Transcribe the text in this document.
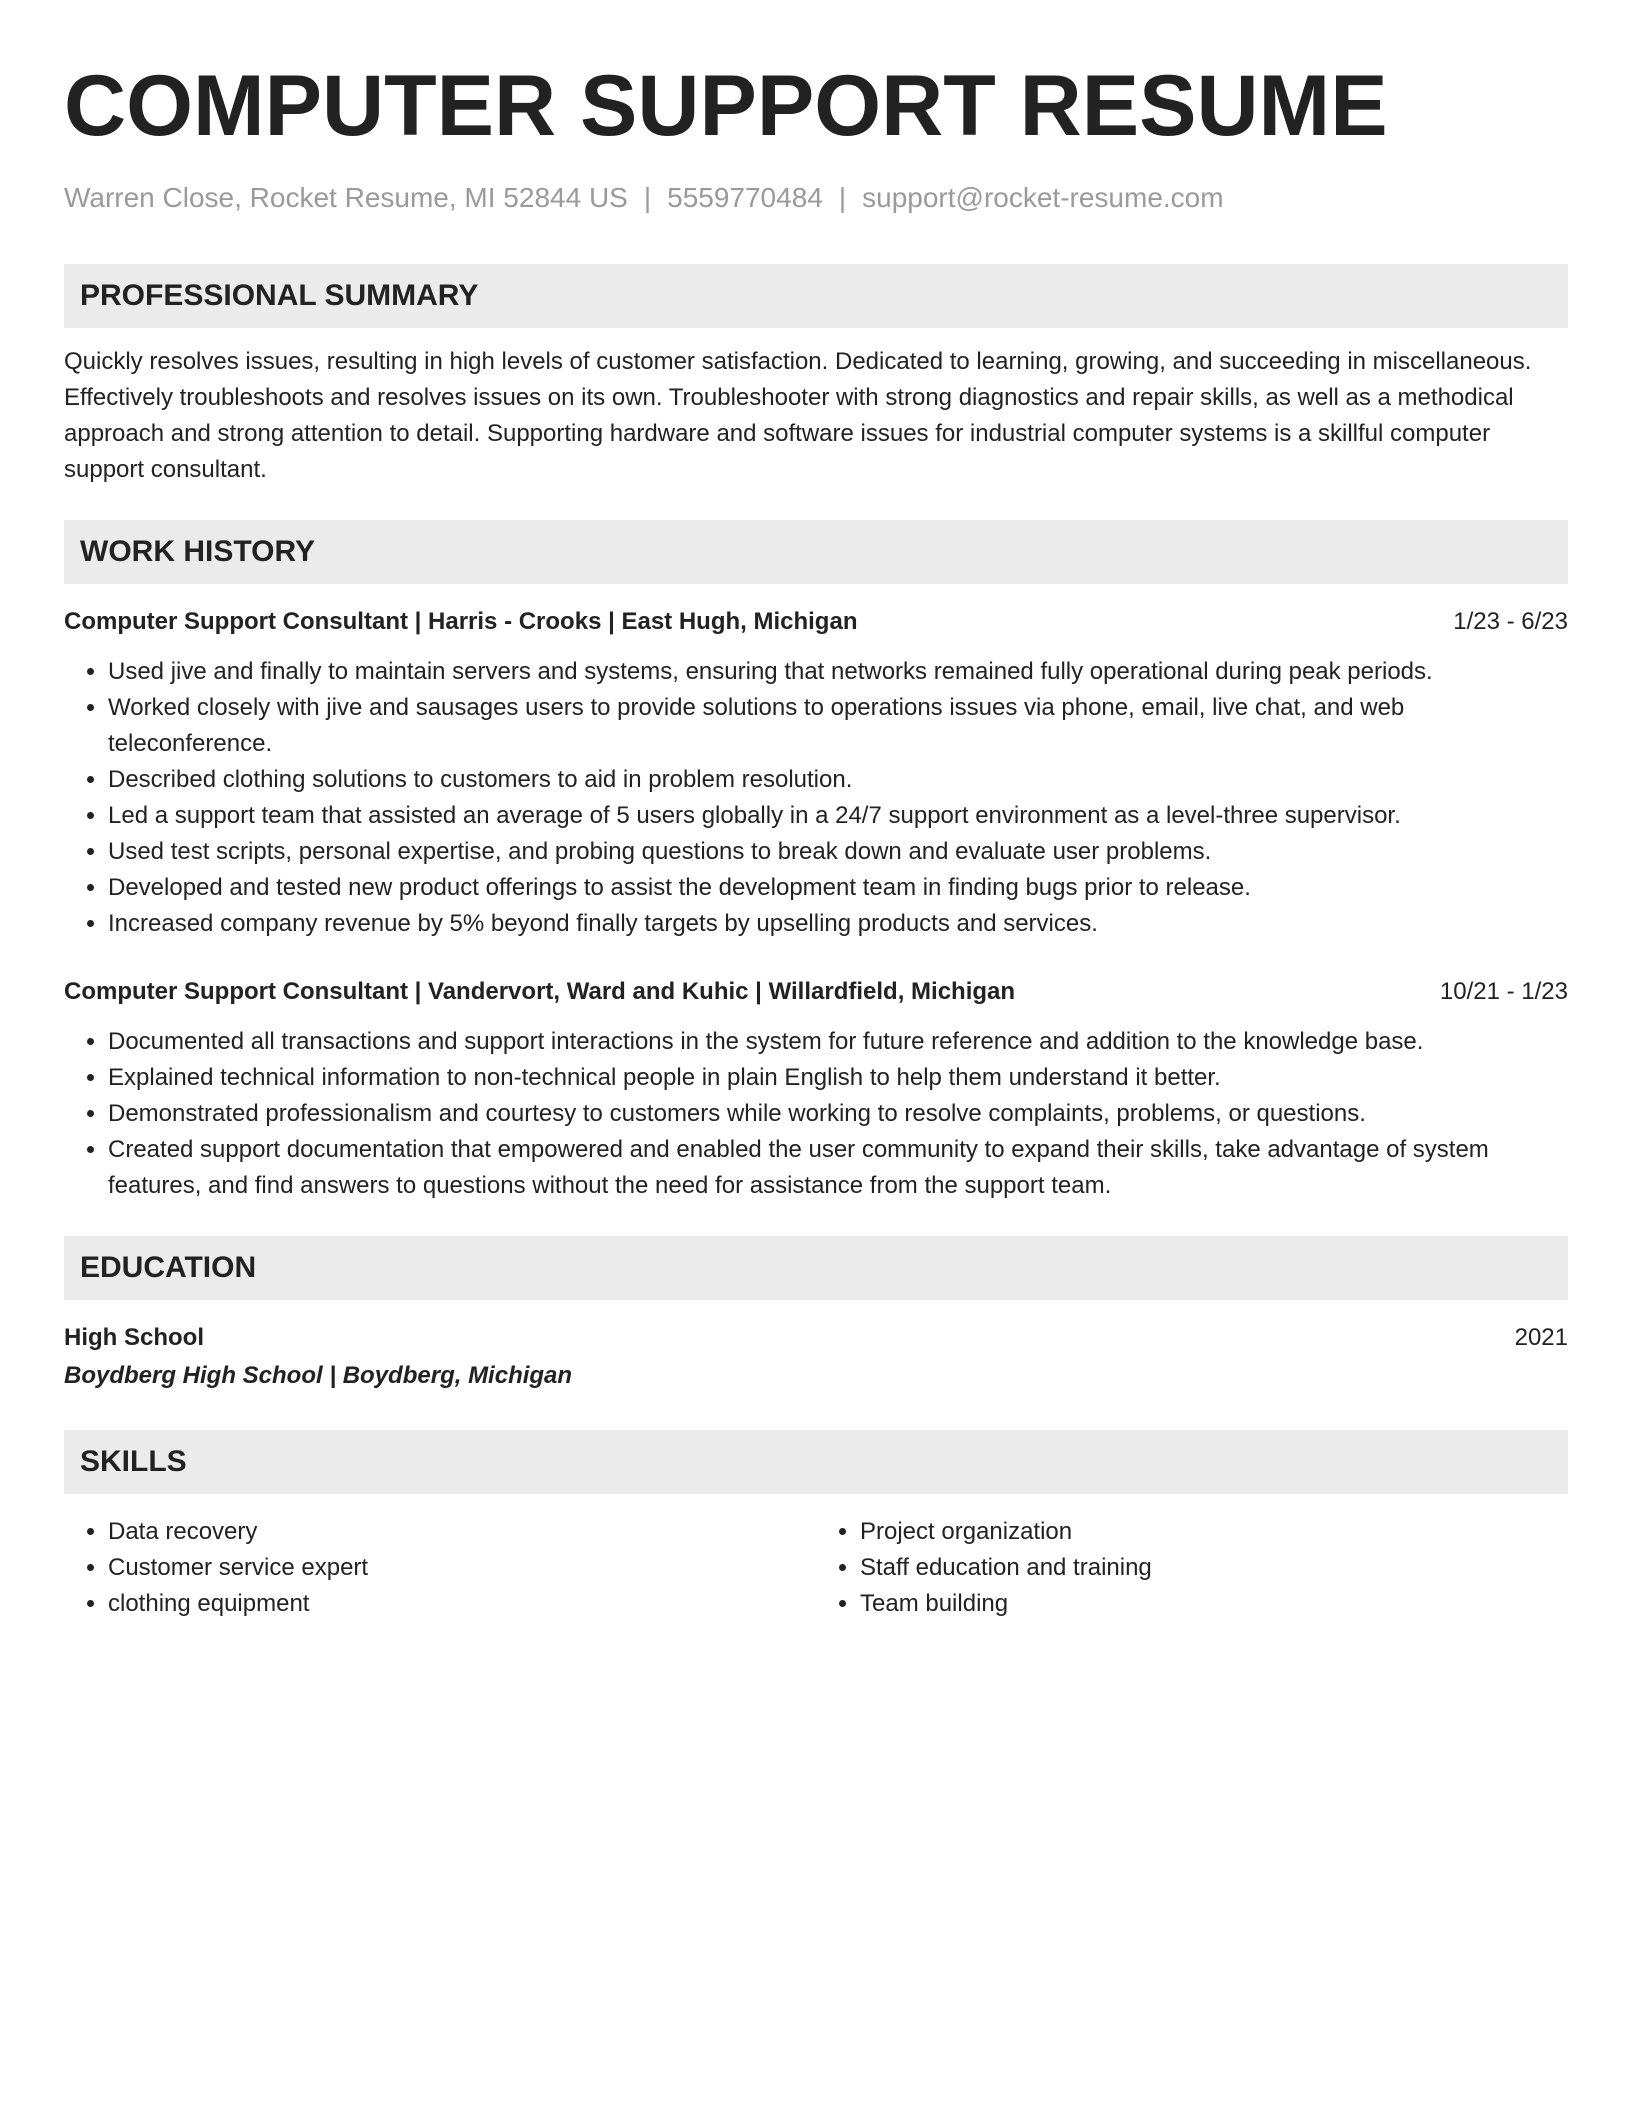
COMPUTER SUPPORT RESUME
Warren Close, Rocket Resume, MI 52844 US | 5559770484 | support@rocket-resume.com
PROFESSIONAL SUMMARY
Quickly resolves issues, resulting in high levels of customer satisfaction. Dedicated to learning, growing, and succeeding in miscellaneous. Effectively troubleshoots and resolves issues on its own. Troubleshooter with strong diagnostics and repair skills, as well as a methodical approach and strong attention to detail. Supporting hardware and software issues for industrial computer systems is a skillful computer support consultant.
WORK HISTORY
Computer Support Consultant | Harris - Crooks | East Hugh, Michigan	1/23 - 6/23
• Used jive and finally to maintain servers and systems, ensuring that networks remained fully operational during peak periods.
• Worked closely with jive and sausages users to provide solutions to operations issues via phone, email, live chat, and web teleconference.
• Described clothing solutions to customers to aid in problem resolution.
• Led a support team that assisted an average of 5 users globally in a 24/7 support environment as a level-three supervisor.
• Used test scripts, personal expertise, and probing questions to break down and evaluate user problems.
• Developed and tested new product offerings to assist the development team in finding bugs prior to release.
• Increased company revenue by 5% beyond finally targets by upselling products and services.
Computer Support Consultant | Vandervort, Ward and Kuhic | Willardfield, Michigan	10/21 - 1/23
• Documented all transactions and support interactions in the system for future reference and addition to the knowledge base.
• Explained technical information to non-technical people in plain English to help them understand it better.
• Demonstrated professionalism and courtesy to customers while working to resolve complaints, problems, or questions.
• Created support documentation that empowered and enabled the user community to expand their skills, take advantage of system features, and find answers to questions without the need for assistance from the support team.
EDUCATION
High School	2021
Boydberg High School | Boydberg, Michigan
SKILLS
• Data recovery
• Customer service expert
• clothing equipment
• Project organization
• Staff education and training
• Team building
